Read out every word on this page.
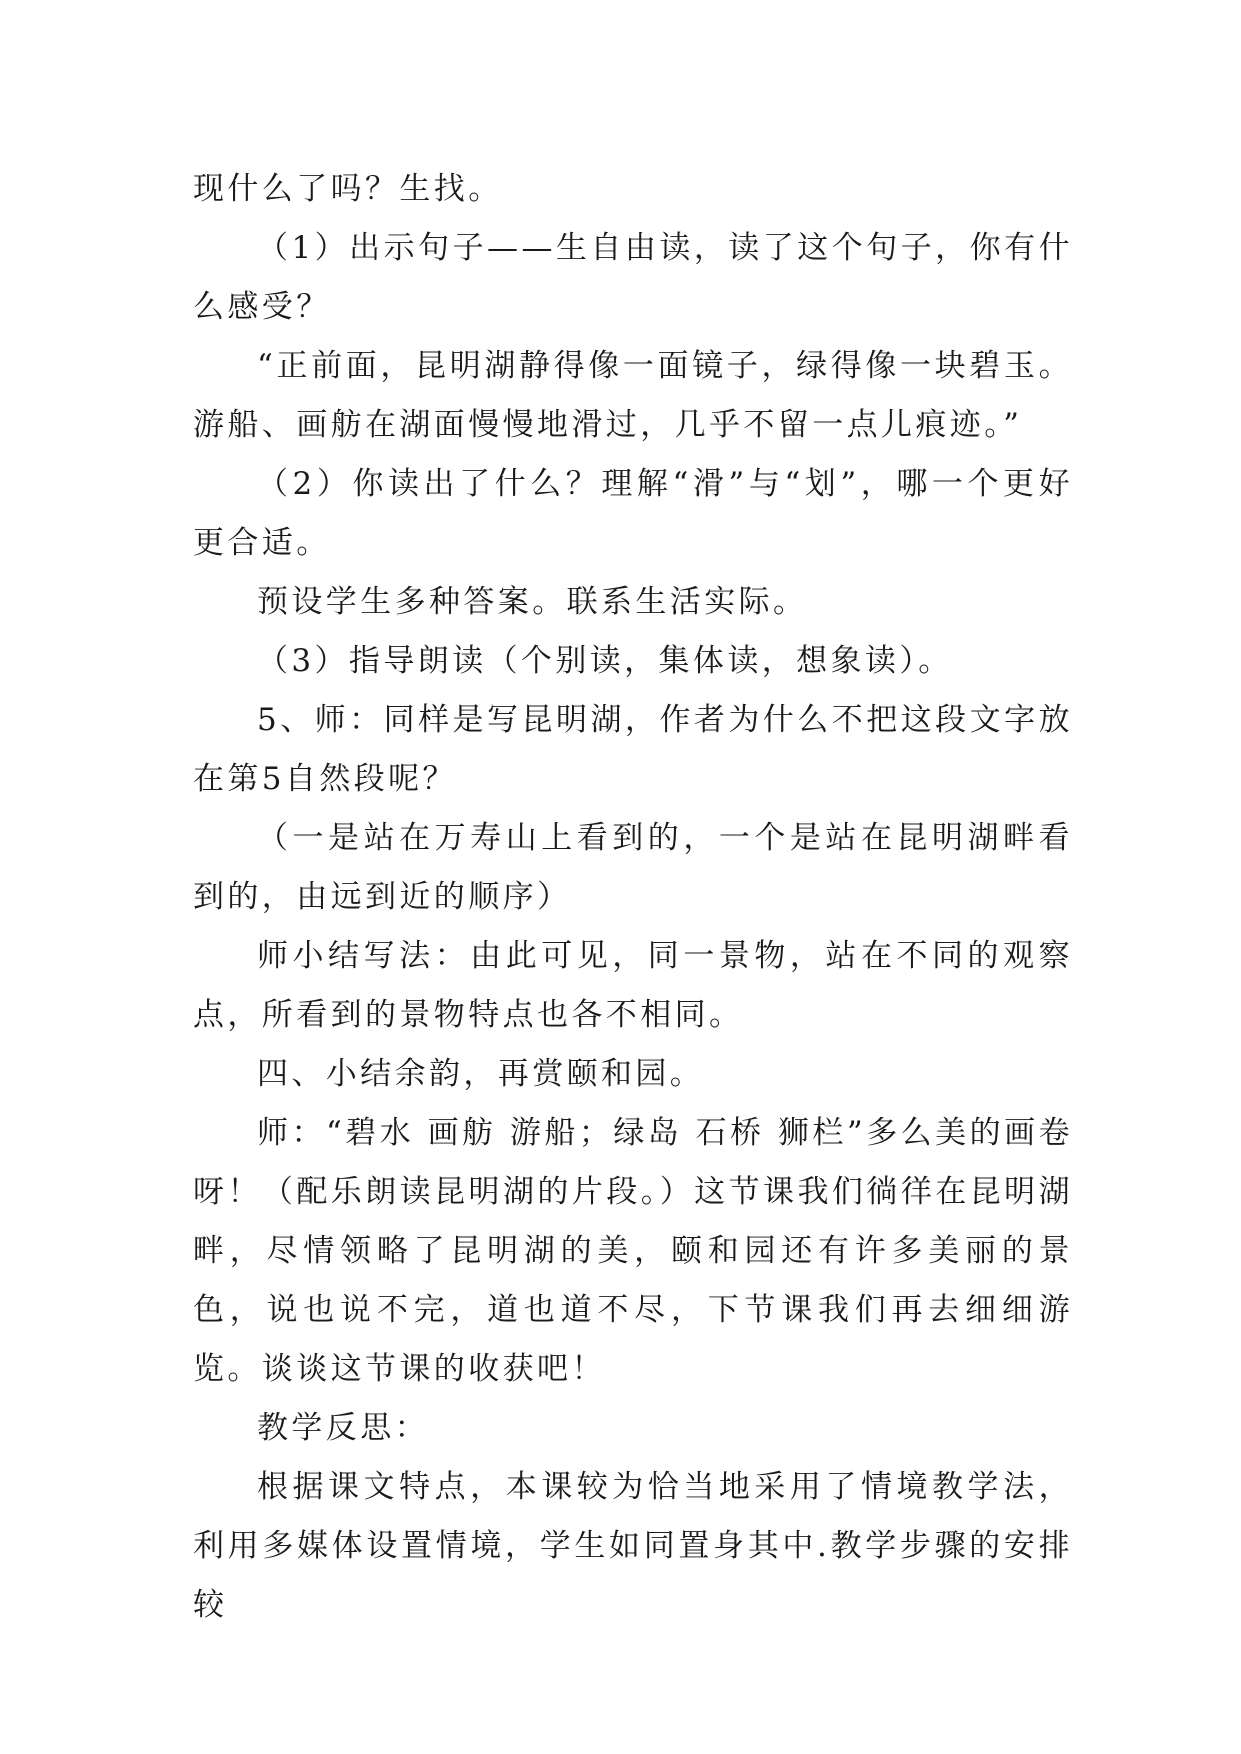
现什么了吗？生找。

（1）出示句子——生自由读，读了这个句子，你有什么感受？

“正前面，昆明湖静得像一面镜子，绿得像一块碧玉。游船、画舫在湖面慢慢地滑过，几乎不留一点儿痕迹。”

（2）你读出了什么？理解“滑”与“划”，哪一个更好更合适。

预设学生多种答案。联系生活实际。

（3）指导朗读（个别读，集体读，想象读）。

5、师：同样是写昆明湖，作者为什么不把这段文字放在第5自然段呢？

（一是站在万寿山上看到的，一个是站在昆明湖畔看到的，由远到近的顺序）

师小结写法：由此可见，同一景物，站在不同的观察点，所看到的景物特点也各不相同。

四、小结余韵，再赏颐和园。

师：“碧水 画舫 游船；绿岛 石桥 狮栏”多么美的画卷呀！（配乐朗读昆明湖的片段。）这节课我们徜徉在昆明湖畔，尽情领略了昆明湖的美，颐和园还有许多美丽的景色，说也说不完，道也道不尽，下节课我们再去细细游览。谈谈这节课的收获吧！

教学反思：

根据课文特点，本课较为恰当地采用了情境教学法，利用多媒体设置情境，学生如同置身其中.教学步骤的安排较
